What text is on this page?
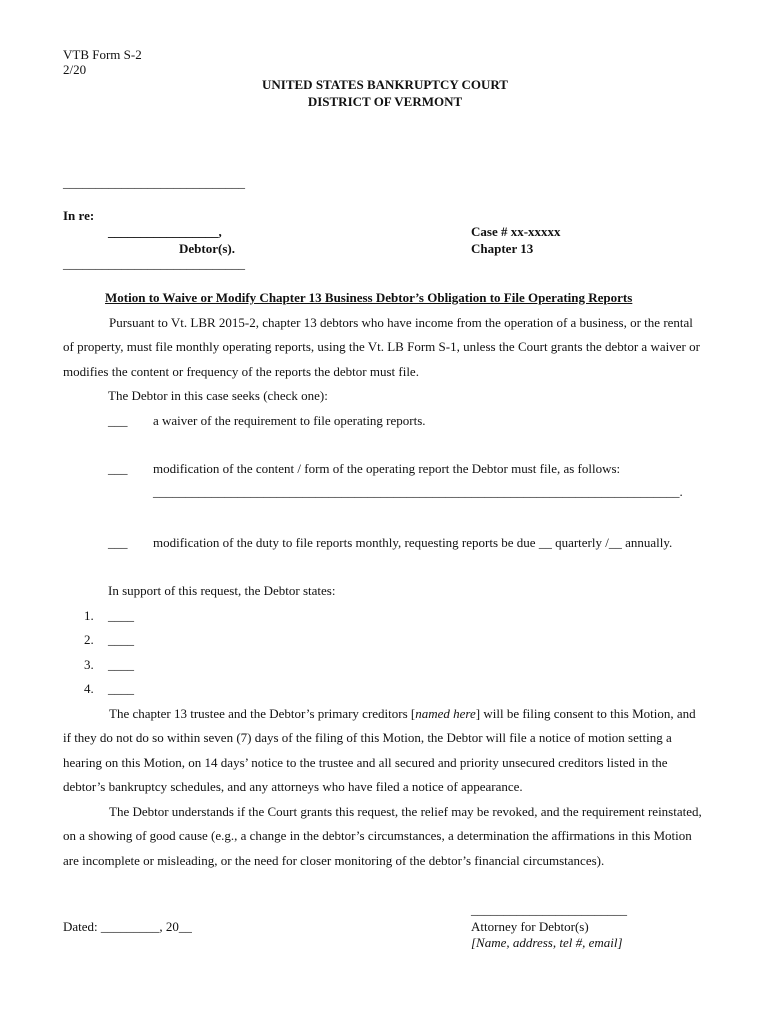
VTB Form S-2
2/20
UNITED STATES BANKRUPTCY COURT
DISTRICT OF VERMONT
____________________________
In re:
_________________,
Debtor(s).
____________________________
Case # xx-xxxxx
Chapter 13
Motion to Waive or Modify Chapter 13 Business Debtor’s Obligation to File Operating Reports
Pursuant to Vt. LBR 2015-2, chapter 13 debtors who have income from the operation of a business, or the rental of property, must file monthly operating reports, using the Vt. LB Form S-1, unless the Court grants the debtor a waiver or modifies the content or frequency of the reports the debtor must file.
The Debtor in this case seeks (check one):
___ a waiver of the requirement to file operating reports.
___ modification of the content / form of the operating report the Debtor must file, as follows:
_________________________________________________________________________________.
___ modification of the duty to file reports monthly, requesting reports be due __ quarterly /__ annually.
In support of this request, the Debtor states:
1. ____
2. ____
3. ____
4. ____
The chapter 13 trustee and the Debtor’s primary creditors [named here] will be filing consent to this Motion, and if they do not do so within seven (7) days of the filing of this Motion, the Debtor will file a notice of motion setting a hearing on this Motion, on 14 days’ notice to the trustee and all secured and priority unsecured creditors listed in the debtor’s bankruptcy schedules, and any attorneys who have filed a notice of appearance.
The Debtor understands if the Court grants this request, the relief may be revoked, and the requirement reinstated, on a showing of good cause (e.g., a change in the debtor’s circumstances, a determination the affirmations in this Motion are incomplete or misleading, or the need for closer monitoring of the debtor’s financial circumstances).
________________________
Dated: _________, 20__	Attorney for Debtor(s)
[Name, address, tel #, email]
